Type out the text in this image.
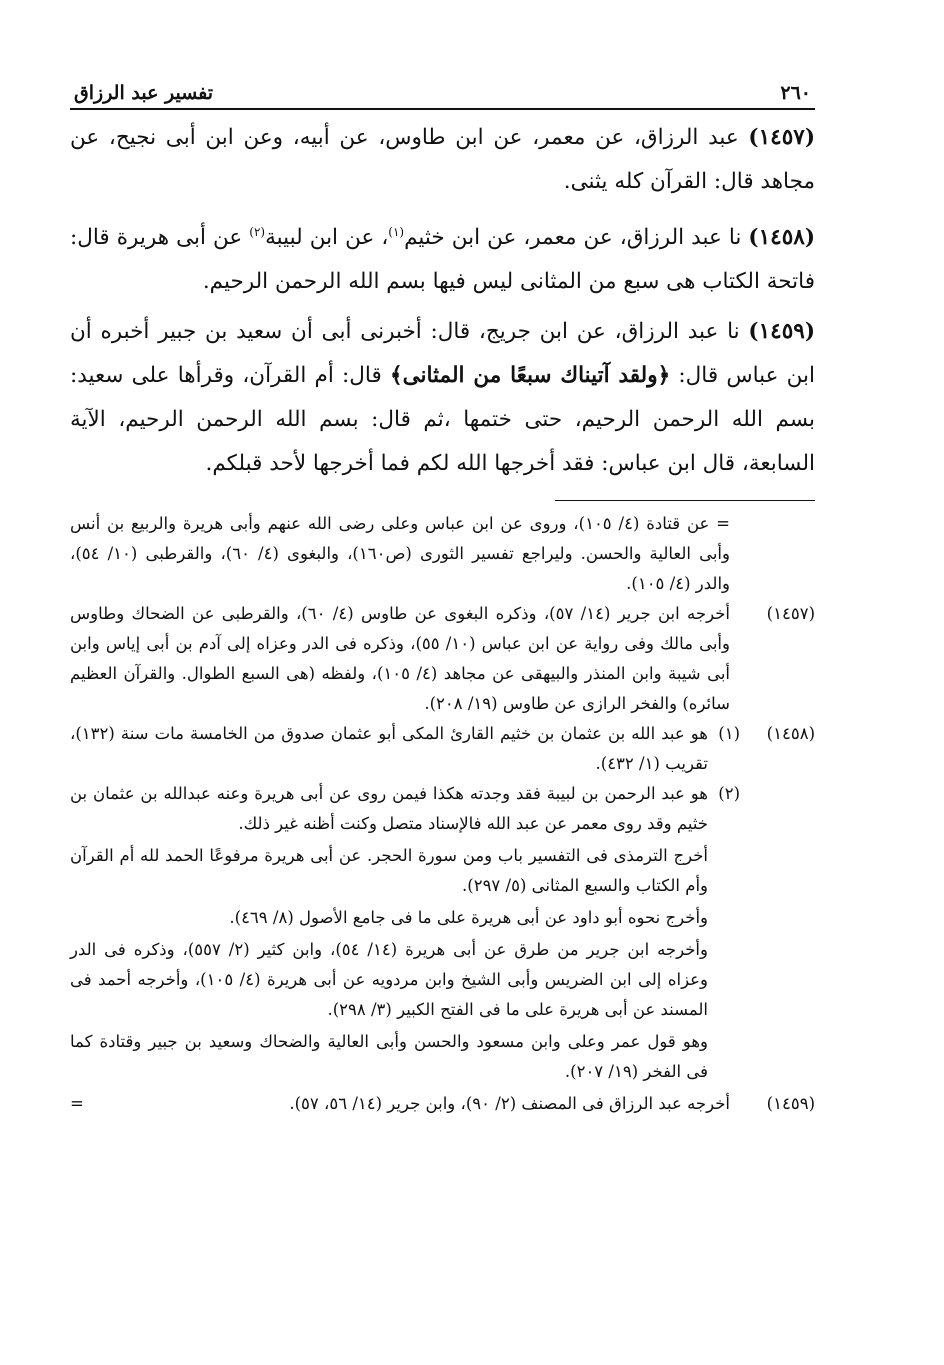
٢٦٠
تفسير عبد الرزاق
(١٤٥٧) عبد الرزاق، عن معمر، عن ابن طاوس، عن أبيه، وعن ابن أبى نجيح، عن مجاهد قال: القرآن كله يثنى.
(١٤٥٨) نا عبد الرزاق، عن معمر، عن ابن خثيم$^{(١)}$، عن ابن لبيبة$^{(٢)}$ عن أبى هريرة قال: فاتحة الكتاب هى سبع من المثانى ليس فيها بسم الله الرحمن الرحيم.
(١٤٥٩) نا عبد الرزاق، عن ابن جريج، قال: أخبرنى أبى أن سعيد بن جبير أخبره أن ابن عباس قال: ﴿ولقد آتيناك سبعًا من المثانى﴾ قال: أم القرآن، وقرأها على سعيد: بسم الله الرحمن الرحيم، حتى ختمها ،ثم قال: بسم الله الرحمن الرحيم، الآية السابعة، قال ابن عباس: فقد أخرجها الله لكم فما أخرجها لأحد قبلكم.
= عن قتادة (٤/ ١٠٥)، وروى عن ابن عباس وعلى رضى الله عنهم وأبى هريرة والربيع بن أنس وأبى العالية والحسن. وليراجع تفسير الثورى (ص١٦٠)، والبغوى (٤/ ٦٠)، والقرطبى (١٠/ ٥٤)، والدر (٤/ ١٠٥).
(١٤٥٧)
أخرجه ابن جرير (١٤/ ٥٧)، وذكره البغوى عن طاوس (٤/ ٦٠)، والقرطبى عن الضحاك وطاوس وأبى مالك وفى رواية عن ابن عباس (١٠/ ٥٥)، وذكره فى الدر وعزاه إلى آدم بن أبى إياس وابن أبى شيبة وابن المنذر والبيهقى عن مجاهد (٤/ ١٠٥)، ولفظه (هى السبع الطوال. والقرآن العظيم سائره) والفخر الرازى عن طاوس (١٩/ ٢٠٨).
(١٤٥٨)
(١)
هو عبد الله بن عثمان بن خثيم القارئ المكى أبو عثمان صدوق من الخامسة مات سنة (١٣٢)، تقريب (١/ ٤٣٢).
(٢)
هو عبد الرحمن بن لبيبة فقد وجدته هكذا فيمن روى عن أبى هريرة وعنه عبدالله بن عثمان بن خثيم وقد روى معمر عن عبد الله فالإسناد متصل وكنت أظنه غير ذلك.
أخرج الترمذى فى التفسير باب ومن سورة الحجر. عن أبى هريرة مرفوعًا الحمد لله أم القرآن وأم الكتاب والسبع المثانى (٥/ ٢٩٧).
وأخرج نحوه أبو داود عن أبى هريرة على ما فى جامع الأصول (٨/ ٤٦٩).
وأخرجه ابن جرير من طرق عن أبى هريرة (١٤/ ٥٤)، وابن كثير (٢/ ٥٥٧)، وذكره فى الدر وعزاه إلى ابن الضريس وأبى الشيخ وابن مردويه عن أبى هريرة (٤/ ١٠٥)، وأخرجه أحمد فى المسند عن أبى هريرة على ما فى الفتح الكبير (٣/ ٢٩٨).
وهو قول عمر وعلى وابن مسعود والحسن وأبى العالية والضحاك وسعيد بن جبير وقتادة كما فى الفخر (١٩/ ٢٠٧).
(١٤٥٩)
أخرجه عبد الرزاق فى المصنف (٢/ ٩٠)، وابن جرير (١٤/ ٥٦، ٥٧).
=
